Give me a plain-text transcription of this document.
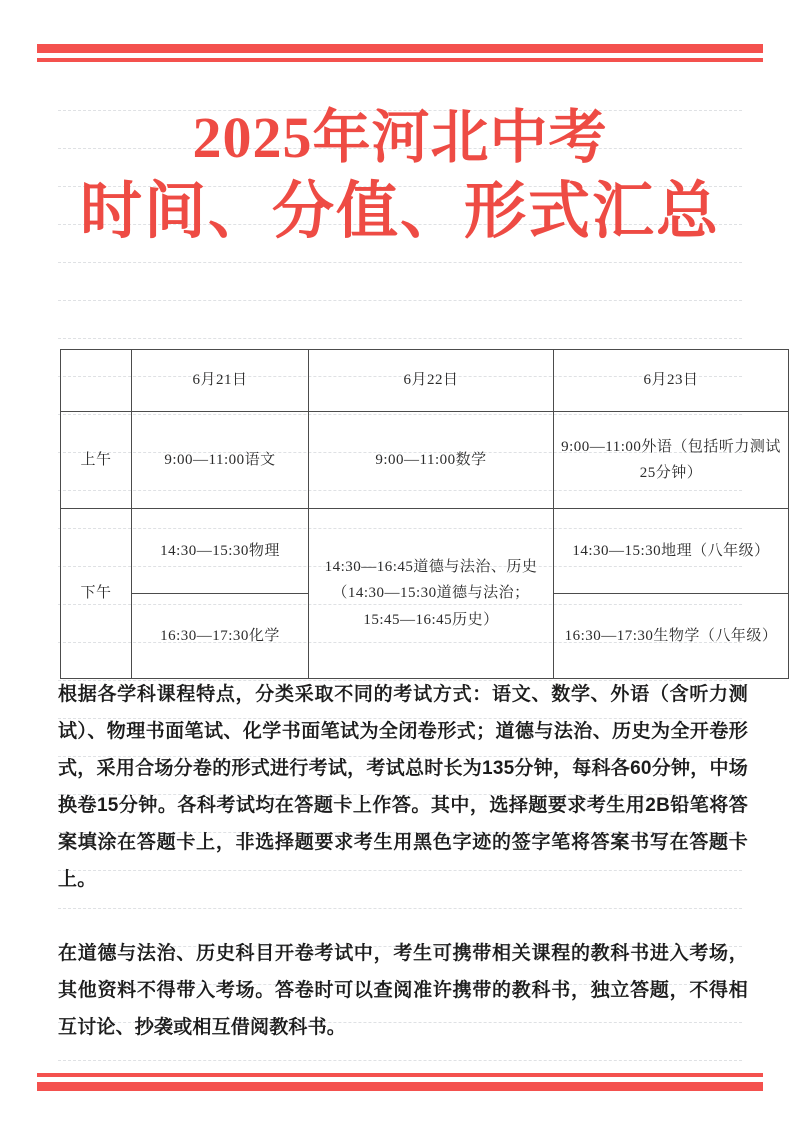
2025年河北中考
时间、分值、形式汇总
	6月21日	6月22日	6月23日
上午	9:00—11:00语文	9:00—11:00数学	9:00—11:00外语（包括听力测试25分钟）
下午	14:30—15:30物理	14:30—16:45道德与法治、历史（14:30—15:30道德与法治；15:45—16:45历史）	14:30—15:30地理（八年级）
	16:30—17:30化学		16:30—17:30生物学（八年级）

根据各学科课程特点，分类采取不同的考试方式：语文、数学、外语（含听力测试）、物理书面笔试、化学书面笔试为全闭卷形式；道德与法治、历史为全开卷形式，采用合场分卷的形式进行考试，考试总时长为135分钟，每科各60分钟，中场换卷15分钟。各科考试均在答题卡上作答。其中，选择题要求考生用2B铅笔将答案填涂在答题卡上，非选择题要求考生用黑色字迹的签字笔将答案书写在答题卡上。

在道德与法治、历史科目开卷考试中，考生可携带相关课程的教科书进入考场，其他资料不得带入考场。答卷时可以查阅准许携带的教科书，独立答题，不得相互讨论、抄袭或相互借阅教科书。
